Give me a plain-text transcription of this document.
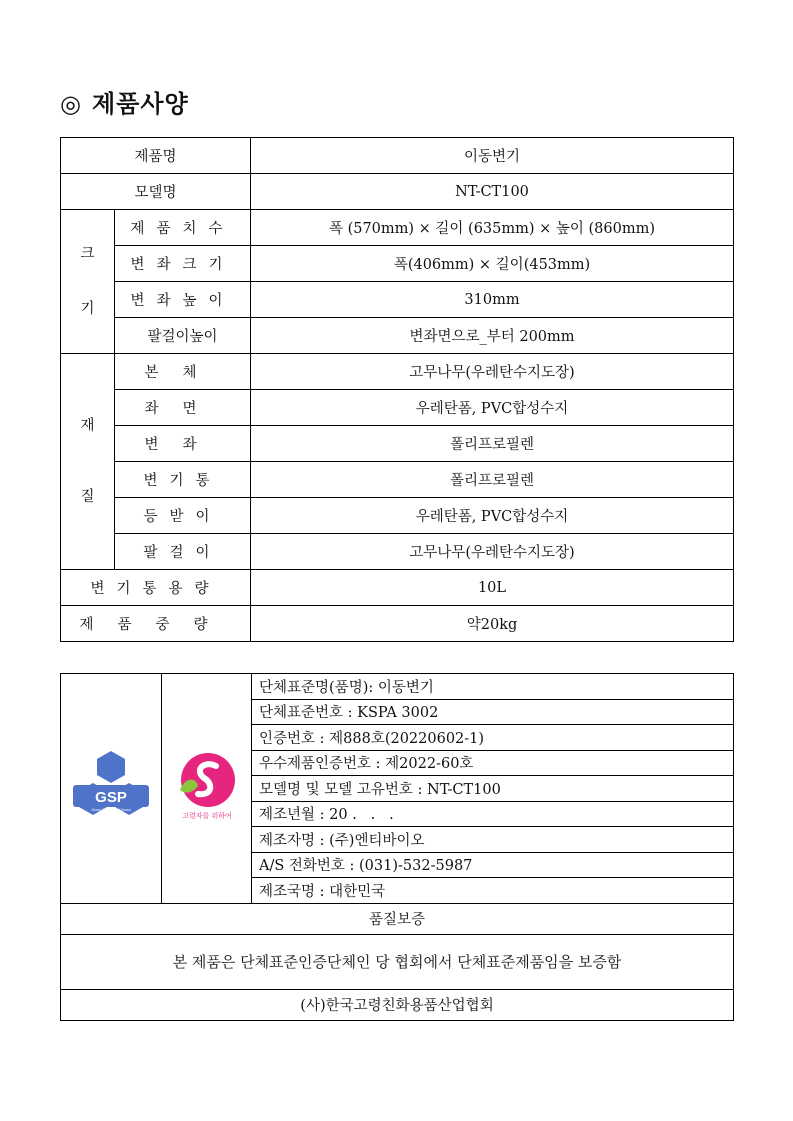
◎ 제품사양
제품명		이동변기
모델명		NT-CT100

크
기	제품치수	폭 (570mm) × 길이 (635mm) × 높이 (860mm)
	변좌크기	폭(406mm) × 길이(453mm)
	변좌높이	310mm
	팔걸이높이	변좌면으로_부터 200mm

재
질	본체	고무나무(우레탄수지도장)
	좌면	우레탄폼, PVC합성수지
	변좌	폴리프로필렌
	변기통	폴리프로필렌
	등받이	우레탄폼, PVC합성수지
	팔걸이	고무나무(우레탄수지도장)
변기통용량		10L
제품중량		약20kg
GSP
Group Standard of Korea

고령자를 위하여
	단체표준명(품명): 이동변기
단체표준번호 : KSPA 3002
인증번호 : 제888호(20220602-1)
우수제품인증번호 : 제2022-60호
모델명 및 모델 고유번호 : NT-CT100
제조년월 : 20 .   .   .
제조자명 : (주)엔티바이오
A/S 전화번호 : (031)-532-5987
제조국명 : 대한민국
품질보증
본 제품은 단체표준인증단체인 당 협회에서 단체표준제품임을 보증함
(사)한국고령친화용품산업협회
